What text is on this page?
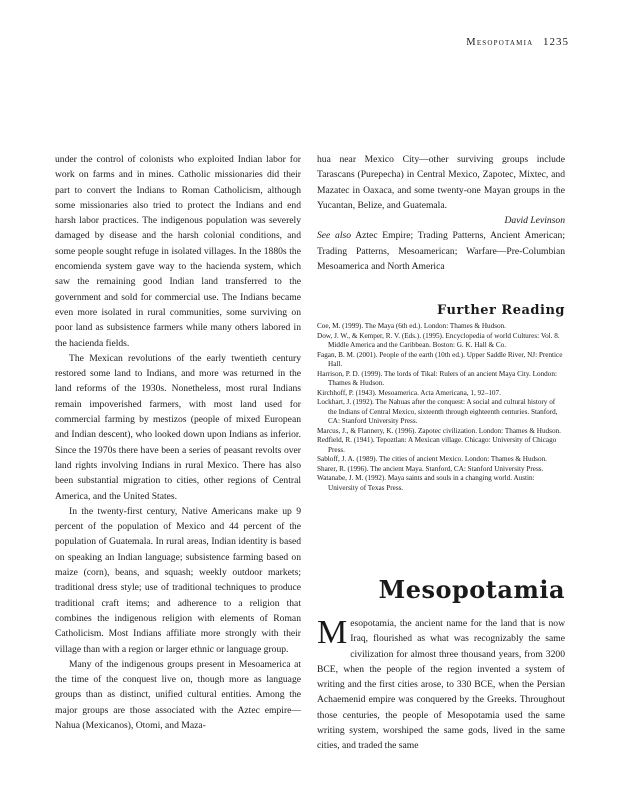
Mesopotamia 1235

under the control of colonists who exploited Indian labor for work on farms and in mines. Catholic missionaries did their part to convert the Indians to Roman Catholicism, although some missionaries also tried to protect the Indians and end harsh labor practices. The indigenous population was severely damaged by disease and the harsh colonial conditions, and some people sought refuge in isolated villages. In the 1880s the encomienda system gave way to the hacienda system, which saw the remaining good Indian land transferred to the government and sold for commercial use. The Indians became even more isolated in rural communities, some surviving on poor land as subsistence farmers while many others labored in the hacienda fields.

The Mexican revolutions of the early twentieth century restored some land to Indians, and more was returned in the land reforms of the 1930s. Nonetheless, most rural Indians remain impoverished farmers, with most land used for commercial farming by mestizos (people of mixed European and Indian descent), who looked down upon Indians as inferior. Since the 1970s there have been a series of peasant revolts over land rights involving Indians in rural Mexico. There has also been substantial migration to cities, other regions of Central America, and the United States.

In the twenty-first century, Native Americans make up 9 percent of the population of Mexico and 44 percent of the population of Guatemala. In rural areas, Indian identity is based on speaking an Indian language; subsistence farming based on maize (corn), beans, and squash; weekly outdoor markets; traditional dress style; use of traditional techniques to produce traditional craft items; and adherence to a religion that combines the indigenous religion with elements of Roman Catholicism. Most Indians affiliate more strongly with their village than with a region or larger ethnic or language group.

Many of the indigenous groups present in Mesoamerica at the time of the conquest live on, though more as language groups than as distinct, unified cultural entities. Among the major groups are those associated with the Aztec empire—Nahua (Mexicanos), Otomi, and Maza-

hua near Mexico City—other surviving groups include Tarascans (Purepecha) in Central Mexico, Zapotec, Mixtec, and Mazatec in Oaxaca, and some twenty-one Mayan groups in the Yucantan, Belize, and Guatemala.

David Levinson

See also Aztec Empire; Trading Patterns, Ancient American; Trading Patterns, Mesoamerican; Warfare—Pre-Columbian Mesoamerica and North America

Further Reading

Coe, M. (1999). The Maya (6th ed.). London: Thames & Hudson.

Dow, J. W., & Kemper, R. V. (Eds.). (1995). Encyclopedia of world Cultures: Vol. 8. Middle America and the Caribbean. Boston: G. K. Hall & Co.

Fagan, B. M. (2001). People of the earth (10th ed.). Upper Saddle River, NJ: Prentice Hall.

Harrison, P. D. (1999). The lords of Tikal: Rulers of an ancient Maya City. London: Thames & Hudson.

Kirchhoff, P. (1943). Mesoamerica. Acta Americana, 1, 92–107.

Lockhart, J. (1992). The Nahuas after the conquest: A social and cultural history of the Indians of Central Mexico, sixteenth through eighteenth centuries. Stanford, CA: Stanford University Press.

Marcus, J., & Flannery, K. (1996). Zapotec civilization. London: Thames & Hudson.

Redfield, R. (1941). Tepoztlan: A Mexican village. Chicago: University of Chicago Press.

Sabloff, J. A. (1989). The cities of ancient Mexico. London: Thames & Hudson.

Sharer, R. (1996). The ancient Maya. Stanford, CA: Stanford University Press.

Watanabe, J. M. (1992). Maya saints and souls in a changing world. Austin: University of Texas Press.

Mesopotamia

Mesopotamia, the ancient name for the land that is now Iraq, flourished as what was recognizably the same civilization for almost three thousand years, from 3200 BCE, when the people of the region invented a system of writing and the first cities arose, to 330 BCE, when the Persian Achaemenid empire was conquered by the Greeks. Throughout those centuries, the people of Mesopotamia used the same writing system, worshiped the same gods, lived in the same cities, and traded the same
